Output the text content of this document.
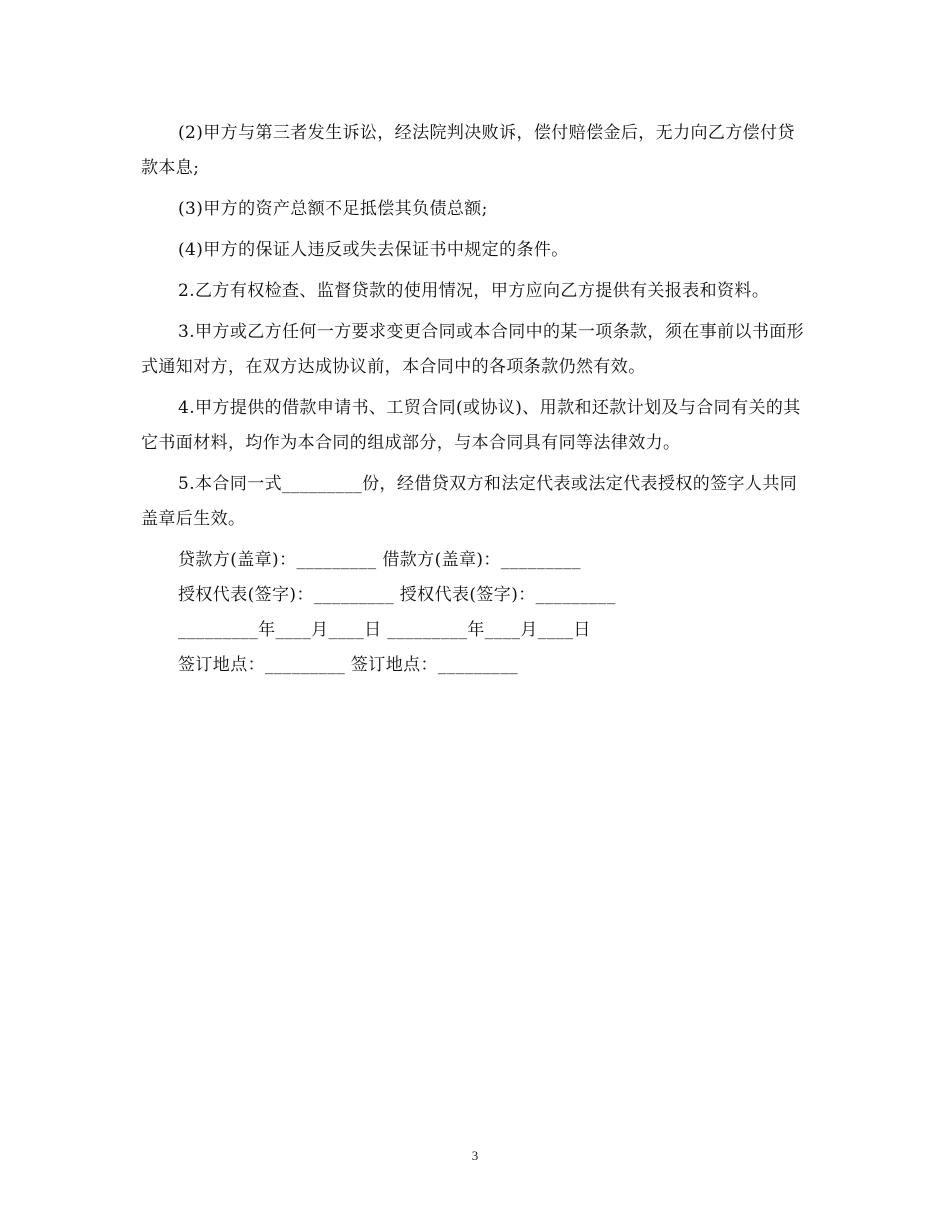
(2)甲方与第三者发生诉讼，经法院判决败诉，偿付赔偿金后，无力向乙方偿付贷款本息;

(3)甲方的资产总额不足抵偿其负债总额;

(4)甲方的保证人违反或失去保证书中规定的条件。

2.乙方有权检查、监督贷款的使用情况，甲方应向乙方提供有关报表和资料。

3.甲方或乙方任何一方要求变更合同或本合同中的某一项条款，须在事前以书面形式通知对方，在双方达成协议前，本合同中的各项条款仍然有效。

4.甲方提供的借款申请书、工贸合同(或协议)、用款和还款计划及与合同有关的其它书面材料，均作为本合同的组成部分，与本合同具有同等法律效力。

5.本合同一式_________份，经借贷双方和法定代表或法定代表授权的签字人共同盖章后生效。

贷款方(盖章)：_________ 借款方(盖章)：_________

授权代表(签字)：_________ 授权代表(签字)：_________

_________年____月____日 _________年____月____日

签订地点：_________ 签订地点：_________

3
